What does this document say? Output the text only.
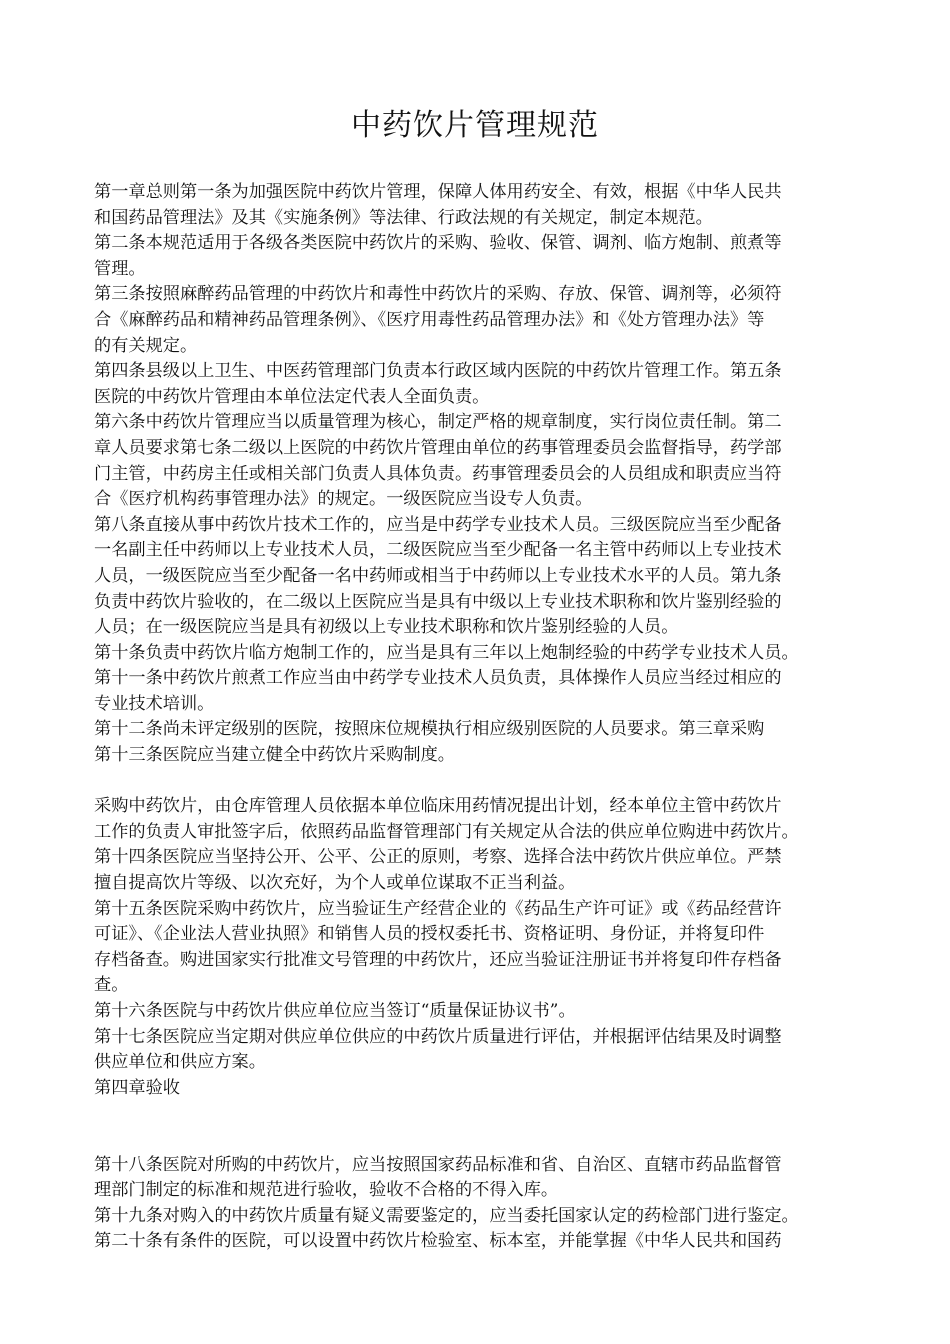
中药饮片管理规范
第一章总则第一条为加强医院中药饮片管理，保障人体用药安全、有效，根据《中华人民共
和国药品管理法》及其《实施条例》等法律、行政法规的有关规定，制定本规范。
第二条本规范适用于各级各类医院中药饮片的采购、验收、保管、调剂、临方炮制、煎煮等
管理。
第三条按照麻醉药品管理的中药饮片和毒性中药饮片的采购、存放、保管、调剂等，必须符
合《麻醉药品和精神药品管理条例》、《医疗用毒性药品管理办法》和《处方管理办法》等
的有关规定。
第四条县级以上卫生、中医药管理部门负责本行政区域内医院的中药饮片管理工作。第五条
医院的中药饮片管理由本单位法定代表人全面负责。
第六条中药饮片管理应当以质量管理为核心，制定严格的规章制度，实行岗位责任制。第二
章人员要求第七条二级以上医院的中药饮片管理由单位的药事管理委员会监督指导，药学部
门主管，中药房主任或相关部门负责人具体负责。药事管理委员会的人员组成和职责应当符
合《医疗机构药事管理办法》的规定。一级医院应当设专人负责。
第八条直接从事中药饮片技术工作的，应当是中药学专业技术人员。三级医院应当至少配备
一名副主任中药师以上专业技术人员，二级医院应当至少配备一名主管中药师以上专业技术
人员，一级医院应当至少配备一名中药师或相当于中药师以上专业技术水平的人员。第九条
负责中药饮片验收的，在二级以上医院应当是具有中级以上专业技术职称和饮片鉴别经验的
人员；在一级医院应当是具有初级以上专业技术职称和饮片鉴别经验的人员。
第十条负责中药饮片临方炮制工作的，应当是具有三年以上炮制经验的中药学专业技术人员。
第十一条中药饮片煎煮工作应当由中药学专业技术人员负责，具体操作人员应当经过相应的
专业技术培训。
第十二条尚未评定级别的医院，按照床位规模执行相应级别医院的人员要求。第三章采购
第十三条医院应当建立健全中药饮片采购制度。
采购中药饮片，由仓库管理人员依据本单位临床用药情况提出计划，经本单位主管中药饮片
工作的负责人审批签字后，依照药品监督管理部门有关规定从合法的供应单位购进中药饮片。
第十四条医院应当坚持公开、公平、公正的原则，考察、选择合法中药饮片供应单位。严禁
擅自提高饮片等级、以次充好，为个人或单位谋取不正当利益。
第十五条医院采购中药饮片，应当验证生产经营企业的《药品生产许可证》或《药品经营许
可证》、《企业法人营业执照》和销售人员的授权委托书、资格证明、身份证，并将复印件
存档备查。购进国家实行批准文号管理的中药饮片，还应当验证注册证书并将复印件存档备
查。
第十六条医院与中药饮片供应单位应当签订“质量保证协议书”。
第十七条医院应当定期对供应单位供应的中药饮片质量进行评估，并根据评估结果及时调整
供应单位和供应方案。
第四章验收
第十八条医院对所购的中药饮片，应当按照国家药品标准和省、自治区、直辖市药品监督管
理部门制定的标准和规范进行验收，验收不合格的不得入库。
第十九条对购入的中药饮片质量有疑义需要鉴定的，应当委托国家认定的药检部门进行鉴定。
第二十条有条件的医院，可以设置中药饮片检验室、标本室，并能掌握《中华人民共和国药
